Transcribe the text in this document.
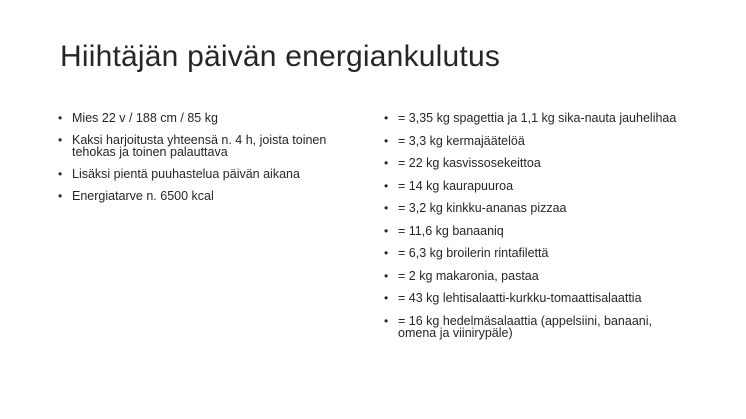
Hiihtäjän päivän energiankulutus
• Mies 22 v / 188 cm / 85 kg
• Kaksi harjoitusta yhteensä n. 4 h, joista toinen tehokas ja toinen palauttava
• Lisäksi pientä puuhastelua päivän aikana
• Energiatarve n. 6500 kcal
• = 3,35 kg spagettia ja 1,1 kg sika-nauta jauhelihaa
• = 3,3 kg kermajäätelöä
• = 22 kg kasvissosekeittoa
• = 14 kg kaurapuuroa
• = 3,2 kg kinkku-ananas pizzaa
• = 11,6 kg banaaniq
• = 6,3 kg broilerin rintafilettä
• = 2 kg makaronia, pastaa
• = 43 kg lehtisalaatti-kurkku-tomaattisalaattia
• = 16 kg hedelmäsalaattia (appelsiini, banaani, omena ja viinirypäle)
